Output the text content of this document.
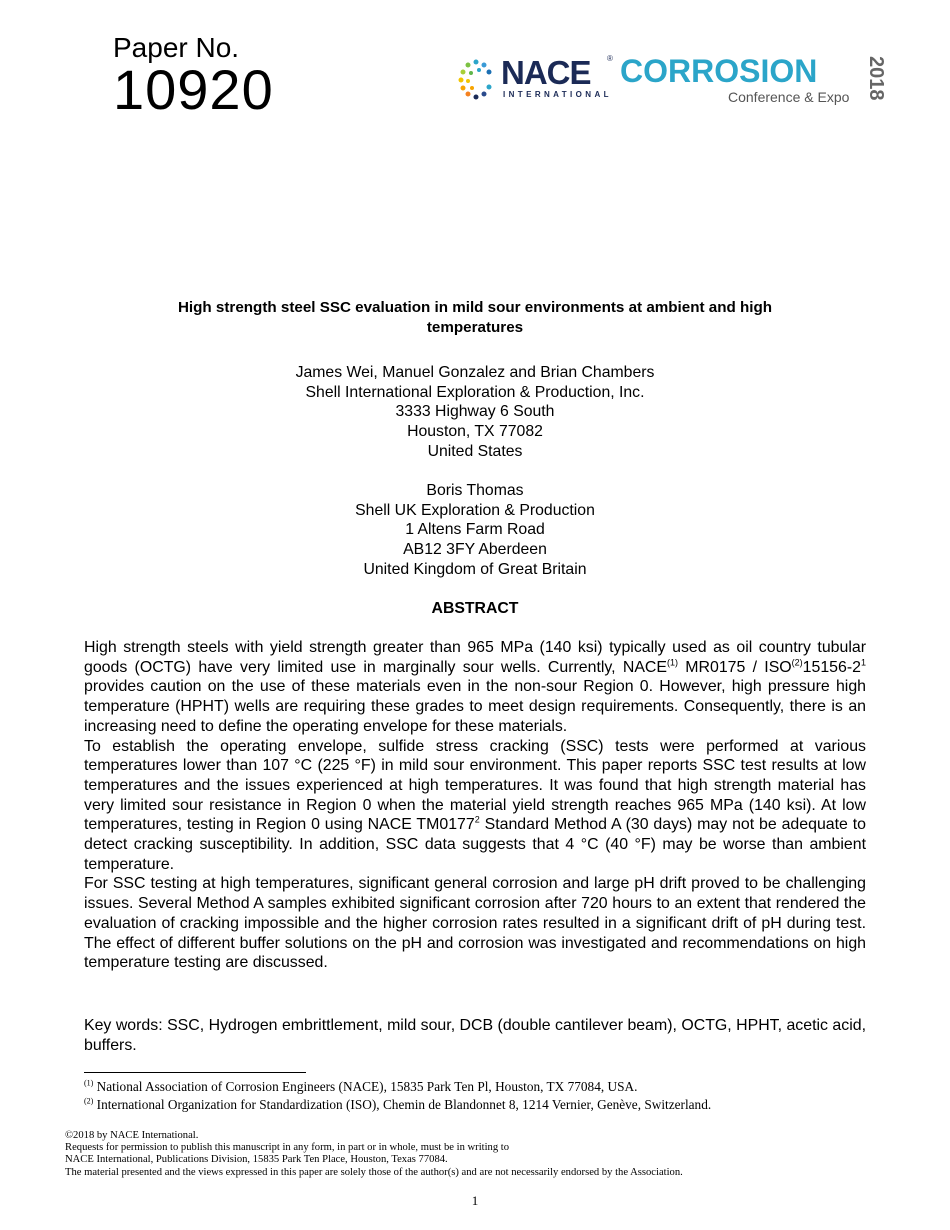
Paper No.
10920	NACE ®
INTERNATIONAL
CORROSION
Conference & Expo 2018
High strength steel SSC evaluation in mild sour environments at ambient and high temperatures
James Wei, Manuel Gonzalez and Brian Chambers
Shell International Exploration & Production, Inc.
3333 Highway 6 South
Houston, TX 77082
United States
Boris Thomas
Shell UK Exploration & Production
1 Altens Farm Road
AB12 3FY Aberdeen
United Kingdom of Great Britain
ABSTRACT

High strength steels with yield strength greater than 965 MPa (140 ksi) typically used as oil country tubular goods (OCTG) have very limited use in marginally sour wells. Currently, NACE$^{(1)}$ $MR0175 / ISO^{(2)}15156-2^1$ provides caution on the use of these materials even in the non-sour Region 0. However, high pressure high temperature (HPHT) wells are requiring these grades to meet design requirements. Consequently, there is an increasing need to define the operating envelope for these materials.

To establish the operating envelope, sulfide stress cracking (SSC) tests were performed at various temperatures lower than 107 °C (225 °F) in mild sour environment. This paper reports SSC test results at low temperatures and the issues experienced at high temperatures. It was found that high strength material has very limited sour resistance in Region 0 when the material yield strength reaches 965 MPa (140 ksi). At low temperatures, testing in Region 0 using NACE TM0177$^2$ Standard Method A (30 days) may not be adequate to detect cracking susceptibility. In addition, SSC data suggests that 4 °C (40 °F) may be worse than ambient temperature.

For SSC testing at high temperatures, significant general corrosion and large pH drift proved to be challenging issues. Several Method A samples exhibited significant corrosion after 720 hours to an extent that rendered the evaluation of cracking impossible and the higher corrosion rates resulted in a significant drift of pH during test. The effect of different buffer solutions on the pH and corrosion was investigated and recommendations on high temperature testing are discussed.

Key words: SSC, Hydrogen embrittlement, mild sour, DCB (double cantilever beam), OCTG, HPHT, acetic acid, buffers.
$^{(1)}$ National Association of Corrosion Engineers (NACE), 15835 Park Ten Pl, Houston, TX 77084, USA.
$^{(2)}$ International Organization for Standardization (ISO), Chemin de Blandonnet 8, 1214 Vernier, Genève, Switzerland.
©2018 by NACE International.
Requests for permission to publish this manuscript in any form, in part or in whole, must be in writing to
NACE International, Publications Division, 15835 Park Ten Place, Houston, Texas 77084.
The material presented and the views expressed in this paper are solely those of the author(s) and are not necessarily endorsed by the Association.
1
